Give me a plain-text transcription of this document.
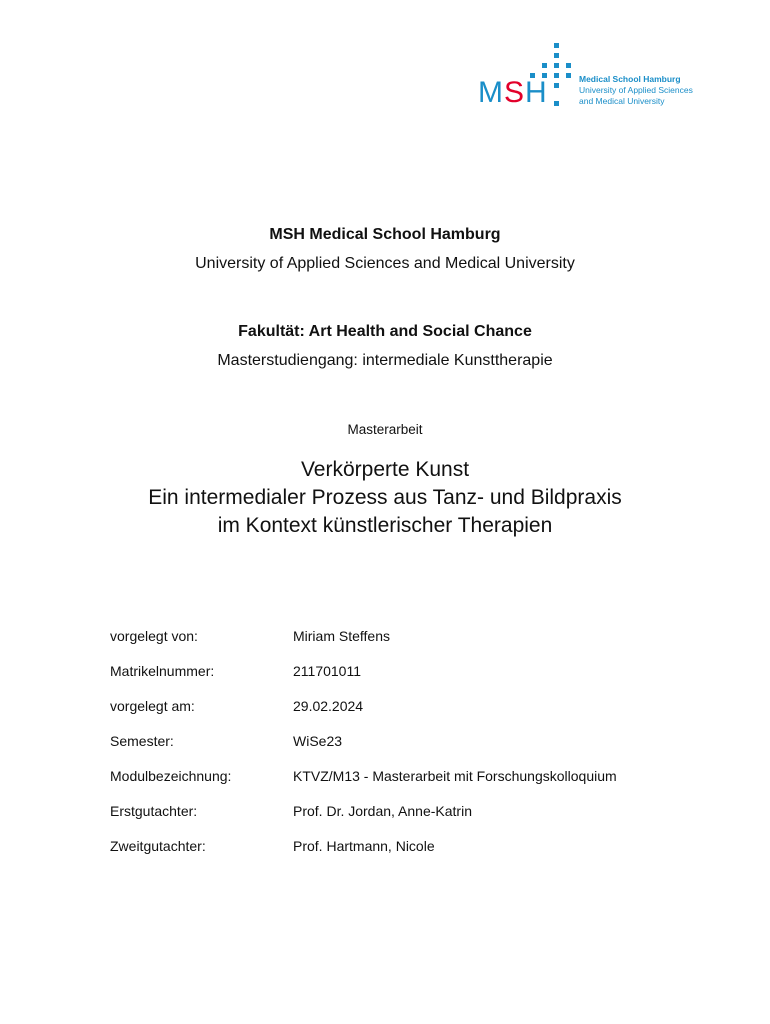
MSH	Medical School Hamburg
University of Applied Sciences
and Medical University
MSH Medical School Hamburg
University of Applied Sciences and Medical University
Fakultät: Art Health and Social Chance
Masterstudiengang: intermediale Kunsttherapie
Masterarbeit
Verkörperte Kunst
Ein intermedialer Prozess aus Tanz- und Bildpraxis
im Kontext künstlerischer Therapien
vorgelegt von:	Miriam Steffens
Matrikelnummer:	211701011
vorgelegt am:	29.02.2024
Semester:	WiSe23
Modulbezeichnung:	KTVZ/M13 - Masterarbeit mit Forschungskolloquium
Erstgutachter:	Prof. Dr. Jordan, Anne-Katrin
Zweitgutachter:	Prof. Hartmann, Nicole
